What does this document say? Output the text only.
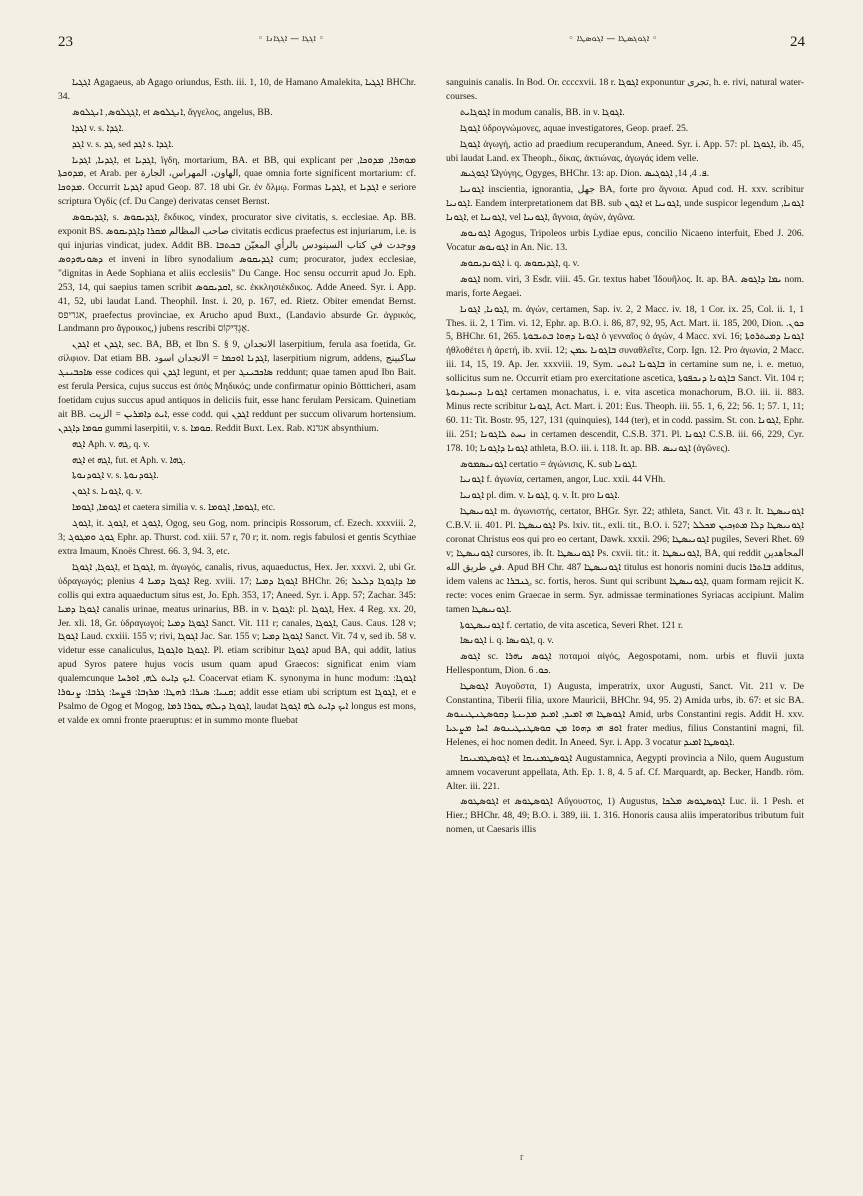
23	◦ ܐܓܓܐ — ܐܓܓܐܢܐ ◦	◦ ܐܓܘܓܣܛܐ — ܐܓܘܣܛܐ ◦	24

ܐܓܓܝܐ Agagaeus, ab Agago oriundus, Esth. iii. 1, 10, de Hamano Amalekita, ܐܓܓܝܐ BHChr. 34.

ܐܓܓܠܘܣ, ܐܢܓܠܘܣ, et ܐܢܓܠܘܣ, ἄγγελος, angelus, BB.

ܐܓܕܐ v. s. ܐܓܕܐ.

ܐܓܕ v. s. ܓܕ, sed ܐܓܕ s. ܐܓܕܐ.

ܐܓܕܝܐ, ܐܓܕܝܐ, et ܐܓܕܝܐ, ἴγδη, mortarium, BA. et BB, qui explicant per ܡܘܗܪܐ, ܡܕܘܟܐ, ܡܕܘܟܬܐ, et Arab. per الهاون، المهراس، الجارة, quae omnia forte significent mortarium: cf. ܡܕܘܟܐ. Occurrit ܐܓܕܝܐ apud Geop. 87. 18 ubi Gr. ἐν ὅλμῳ. Formas ܐܓܕܝܐ, et ܐܓܕܝܐ e seriore scriptura Ὀγδίς (cf. Du Cange) derivatas censet Bernst.

ܐܓܕܝܩܘܣ, s. ܐܓܕܝܩܘܣ, ἔκδικος, vindex, procurator sive civitatis, s. ecclesiae. Ap. BB. exponit BS. صاحب المظالم ܡܩܪܐ ܕܐܓܕܝܩܘܣ civitatis ecdicus praefectus est injuriarum, i.e. is qui injurias vindicat, judex. Addit BB. ووجدت في كتاب السينودس بالرأي المعيّن ܒܟܬܒܐ ܕܣܘܢܗܕܘܣ et inveni in libro synodalium ܐܓܕܝܩܘܣ cum; procurator, judex ecclesiae, "dignitas in Aede Sophiana et aliis ecclesiis" Du Cange. Hoc sensu occurrit apud Jo. Eph. 253, 14, qui saepius tamen scribit ܐܩܕܝܩܘܣ, sc. ἐκκλησιέκδικος. Adde Aneed. Syr. i. App. 41, 52, ubi laudat Land. Theophil. Inst. i. 20, p. 167, ed. Rietz. Obiter emendat Bernst. אגריפס, praefectus provinciae, ex Arucho apud Buxt., (Landavio absurde Gr. ἀγρικός, Landmann pro ἄγροικος,) jubens rescribi אֶגְדִּיקוֹס.

ܐܓܕܢ et ܐܓܕܢ, sec. BA, BB, et Ibn S. § 9, الانجدان laserpitium, ferula asa foetida, Gr. σίλφιον. Dat etiam BB. ܐܓܕܢܐ ܐܘܟܡܐ = الانجدان اسود, laserpitium nigrum, addens, ساكبينج ܣܐܟܒܝܢܓ esse codices qui ܐܓܕܢ legunt, et per ܣܐܟܒܝܢܓ reddunt; quae tamen apud Ibn Bait. est ferula Persica, cujus succus est ὀπὸς Μηδικός; unde confirmatur opinio Böttticheri, asam foetidam cujus succus apud antiquos in deliciis fuit, esse hanc ferulam Persicam. Quinetiam ait BB. ܐܝܬ ܕܐܡܪܝܢ = الزيت, esse codd. qui ܐܓܕܢ reddunt per succum olivarum hortensium. ܩܘܡܐ ܕܐܓܕܢ gummi laserpitii, v. s. ܩܘܡܐ. Reddit Buxt. Lex. Rab. אגדנא absynthium.

ܐܓܗ Aph. v. ܓܗ, q. v.

ܐܓܗ et ܐܓܗ, fut. et Aph. v. ܓܗܐ.

ܐܓܘܕܢܘܬܐ v. s. ܐܓܘܕܢܘܬܐ.

ܐܓܘܢ s. ܐܓܘܢܐ, q. v.

ܐܓܘܡܐ, ܐܓܘܡܐ et caetera similia v. s. ܐܓܘܡܐ, ܐܓܘܡܐ, etc.

ܐܓܘܓ, it. ܐܓܘܓ, et ܐܓܘܓ, Ogog, seu Gog, nom. principis Rossorum, cf. Ezech. xxxviii. 2, 3; ܓܘܓ ܘܡܓܘܓ Ephr. ap. Thurst. cod. xiii. 57 r, 70 r; it. nom. regis fabulosi et gentis Scythiae extra Imaum, Knoës Chrest. 66. 3, 94. 3, etc.

ܐܓܘܓܐ, ܐܓܘܓܐ, et ܐܓܘܓܐ, m. ἀγωγός, canalis, rivus, aquaeductus, Hex. Jer. xxxvi. 2, ubi Gr. ὑδραγωγός; plenius ܐܓܘܓܐ ܕܡܝܐ 4 Reg. xviii. 17; ܐܓܘܓܐ ܕܡܝܐ BHChr. 26; ܡܐ ܕܐܓܘܓܐ ܕܠܥܠ collis qui extra aquaeductum situs est, Jo. Eph. 353, 17; Aneed. Syr. i. App. 57; Zachar. 345: ܐܓܘܓܐ ܕܡܝܐ canalis urinae, meatus urinarius, BB. in v. ܐܓܘܓܐ: pl. ܐܓܘܓܐ, Hex. 4 Reg. xx. 20, Jer. xli. 18, Gr. ὑδραγωγοί; ܐܓܘܓܐ ܕܡܝܐ Sanct. Vit. 111 r; canales, ܐܓܘܓܐ, Caus. Caus. 128 v; ܐܓܘܓܐ Laud. cxxiii. 155 v; rivi, ܐܓܘܓܐ Jac. Sar. 155 v; ܐܓܘܓܐ ܕܡܝܐ Sanct. Vit. 74 v, sed ib. 58 v. videtur esse canaliculus, ܐܓܘܓܐ ܘܐܓܘܓܐ. Pl. etiam scribitur ܐܓܘܓܐ apud BA, qui addit, latius apud Syros patere hujus vocis usum quam apud Graecos: significat enim viam qualemcunque ܐܝܟ ܕܐܝܬ ܠܗ, ܐܘܪܚܐ. Coacervat etiam K. synonyma in hunc modum: ܐܓܘܓܐ: ܩܢܝܐ: ܣܝܪܐ: ܪܗܛܐ: ܡܪܙܒܐ: ܦܨܚܐ: ܓܪܒܐ: ܨܢܘܪܐ; addit esse etiam ubi scriptum est ܐܓܘܓܐ, et e Psalmo de Ogog et Mogog, ܐܓܘܓܐ ܕܝܠܗ ܛܘܪܐ ܪܡܐ, laudat ܐܝܟ ܕܐܝܬ ܠܗ ܐܓܘܓܐ longus est mons, et valde ex omni fronte praeruptus: et in summo monte fluebat

sanguinis canalis. In Bod. Or. ccccxvii. 18 r. ܐܓܘܓܐ exponuntur تجرى, h. e. rivi, natural water-courses.

ܐܓܘܓܐܝܬ in modum canalis, BB. in v. ܐܓܘܓܐ.

ܐܓܘܓܐ ὑδρογνώμονες, aquae investigatores, Geop. praef. 25.

ܐܓܘܓܐ ἀγωγή, actio ad praedium recuperandum, Aneed. Syr. i. App. 57: pl. ܐܓܘܓܐ, ib. 45, ubi laudat Land. ex Theoph., δίκας, ἀκτιώνας, ἀγωγάς idem velle.

ܐܓܘܓܝܣ Ὠγύγης, Ogyges, BHChr. 13: ap. Dion. ܦ. 4, 14, ܐܓܘܓܝܣ.

ܐܓܘܢܝܐ inscientia, ignorantia, جهل BA, forte pro ἄγνοια. Apud cod. H. xxv. scribitur ܐܓܘܢܝܐ. Eandem interpretationem dat BB. sub ܐܓܘܢ et ܐܓܘܢܝܐ, unde suspicor legendum ܐܓܘܢܐ, ܐܓܘܢܐ, et ܐܓܘܢܝܐ, vel ܐܓܘܢܝܐ, ἄγνοια, ἀγών, ἀγῶνα.

ܐܓܘܢܘܣ Agogus, Tripoleos urbis Lydiae epus, concilio Nicaeno interfuit, Ebed J. 206. Vocatur ܐܓܘܢܘܣ in An. Nic. 13.

ܐܓܘܢܕܝܩܘܣ i. q. ܐܓܕܝܩܘܣ, q. v.

ܐܓܘܣ nom. viri, 3 Esdr. viii. 45. Gr. textus habet Ἰδουῆλος. It. ap. BA. ܝܡܐ ܕܐܓܘܣ nom. maris, forte Aegaei.

ܐܓܘܢܐ, ܐܓܘܢܐ, m. ἀγών, certamen, Sap. iv. 2, 2 Macc. iv. 18, 1 Cor. ix. 25, Col. ii. 1, 1 Thes. ii. 2, 1 Tim. vi. 12, Ephr. ap. B.O. i. 86, 87, 92, 95, Act. Mart. ii. 185, 200, Dion. ܟܘܢ. 5, BHChr. 61, 265. ܐܓܘܢܐ ܕܗܘܐ ܒܬܝܒܘܬܐ ὁ γενναῖος ὁ ἀγών, 4 Macc. xvi. 16; ܐܓܘܢܐ ܕܡܝܬܪܘܬܐ ἠθλοθέτει ἡ ἀρετή, ib. xvii. 12; ܒܐܓܘܢܐ ܥܡܢ συναθλεῖτε, Corp. Ign. 12. Pro ἀγωνία, 2 Macc. iii. 14, 15, 19. Ap. Jer. xxxviii. 19, Sym. ܒܐܓܘܢܐ ܐܝܬܝ in certamine sum ne, i. e. metuo, sollicitus sum ne. Occurrit etiam pro exercitatione ascetica, ܒܐܓܘܢܐ ܕܢܟܦܘܬܐ Sanct. Vit. 104 r; ܐܓܘܢܐ ܕܝܚܝܕܝܘܬܐ certamen monachatus, i. e. vita ascetica monachorum, B.O. iii. ii. 883. Minus recte scribitur ܐܓܘܢܐ, Act. Mart. i. 201: Eus. Theoph. iii. 55. 1, 6, 22; 56. 1; 57. 1, 11; 60. 11: Tit. Bostr. 95, 127, 131 (quinquies), 144 (ter), et in codd. passim. St. con. ܐܓܘܢܐ, Ephr. iii. 251; ܢܚܬ ܠܐܓܘܢܐ in certamen descendit, C.S.B. 371. Pl. ܐܓܘܢܐ C.S.B. iii. 66, 229, Cyr. 178. 10; ܐܓܘܢܐ ܕܐܓܘܢܐ athleta, B.O. iii. i. 118. It. ap. BB. ܐܓܘܢܝܣ (ἀγῶνες).

ܐܓܘܢܝܣܡܘܣ certatio = ἀγώνισις, K. sub ܐܓܘܢܐ.

ܐܓܘܢܝܐ f. ἀγωνία, certamen, angor, Luc. xxii. 44 VHh.

ܐܓܘܢܝܐ pl. dim. v. ܐܓܘܢܐ, q. v. It. pro ܐܓܘܢܐ.

ܐܓܘܢܝܣܛܐ m. ἀγωνιστής, certator, BHGr. Syr. 22; athleta, Sanct. Vit. 43 r. It. ܐܓܘܢܝܣܛܐ C.B.V. ii. 401. Pl. ܐܓܘܢܝܣܛܐ Ps. lxiv. tit., exli. tit., B.O. i. 527; ܐܓܘܢܝܣܛܐ ܕܠܐ ܡܬܙܟܝܢ ܡܟܠܠ coronat Christus eos qui pro eo certant, Dawk. xxxii. 296; ܐܓܘܢܝܣܛܐ pugiles, Severi Rhet. 69 v; ܐܓܘܢܝܣܛܐ cursores, ib. It. ܐܓܘܢܝܣܛܐ Ps. cxvii. tit.: it. ܐܓܘܢܝܣܛܐ, BA, qui reddit المجاهدين في طريق الله. Apud BH Chr. 487 ܐܓܘܢܝܣܛܐ titulus est honoris nomini ducis ܒܐܬܪܐ additus, idem valens ac ܓܢܒܪܐ, sc. fortis, heros. Sunt qui scribunt ܐܓܘܢܝܣܛܐ, quam formam rejicit K. recte: voces enim Graecae in serm. Syr. admissae terminationes Syriacas accipiunt. Malim tamen ܐܓܘܢܝܣܛܐ.

ܐܓܘܢܝܣܛܘܬܐ f. certatio, de vita ascetica, Severi Rhet. 121 r.

ܐܓܘܢܣܐ i. q. ܐܓܘܢܣܐ, q. v.

ܐܓܘܣ sc. ܐܓܘܣ ܢܗܪܐ ποταμοὶ αἰγός, Aegospotami, nom. urbis et fluvii juxta Hellespontum, Dion. ܟܘ. 6.

ܐܓܘܣܛܐ Ἀυγοῦστα, 1) Augusta, imperatrix, uxor Augusti, Sanct. Vit. 211 v. De Constantina, Tiberii filia, uxore Mauricii, BHChr. 94, 95. 2) Amida urbs, ib. 67: et sic BA. ܐܓܘܣܛܐ ܗܝ ܐܡܝܕ, ܐܡܝܕ ܡܕܝܢܬܐ ܕܩܘܣܛܢܛܝܢܘܣ Amid, urbs Constantini regis. Addit H. xxv. ܐܘܦ ܗܝ ܕܗܘܐ ܡܢ ܩܘܣܛܢܛܝܢܘܣ ܐܚܐ ܡܨܥܝܐ frater medius, filius Constantini magni, fil. Helenes, ei hoc nomen dedit. In Aneed. Syr. i. App. 3 vocatur ܐܓܘܣܛܐ ܐܡܝܕ.

ܐܓܘܣܛܡܢܝܩܐ et ܐܓܘܣܛܡܢܝܩܐ Augustamnica, Aegypti provincia a Nilo, quem Augustum amnem vocaverunt appellata, Ath. Ep. 1. 8, 4. 5 af. Cf. Marquardt, ap. Becker, Handb. röm. Alter. iii. 221.

ܐܓܘܣܛܘܣ et ܐܓܘܣܛܘܣ Αὔγουστος, 1) Augustus, ܐܓܘܣܛܘܣ ܡܠܟܐ Luc. ii. 1 Pesh. et Hier.; BHChr. 48, 49; B.O. i. 389, iii. 1. 316. Honoris causa aliis imperatoribus tributum fuit nomen, ut Caesaris illis

r
